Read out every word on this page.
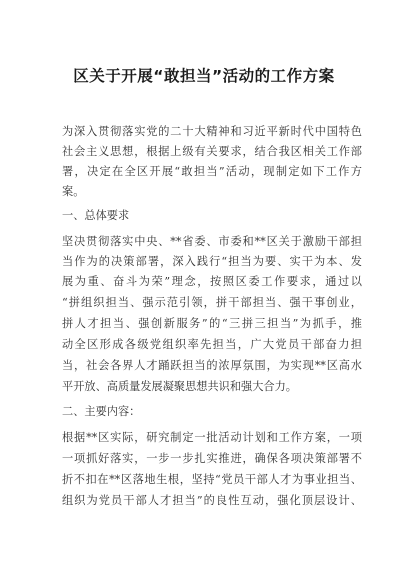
区关于开展“敢担当”活动的工作方案
为深入贯彻落实党的二十大精神和习近平新时代中国特色
社会主义思想，根据上级有关要求，结合我区相关工作部
署，决定在全区开展“敢担当”活动，现制定如下工作方
案。
一、总体要求
坚决贯彻落实中央、**省委、市委和**区关于激励干部担
当作为的决策部署，深入践行“担当为要、实干为本、发
展为重、奋斗为荣”理念，按照区委工作要求，通过以
“拼组织担当、强示范引领，拼干部担当、强干事创业，
拼人才担当、强创新服务”的“三拼三担当”为抓手，推
动全区形成各级党组织率先担当，广大党员干部奋力担
当，社会各界人才踊跃担当的浓厚氛围，为实现**区高水
平开放、高质量发展凝聚思想共识和强大合力。
二、主要内容：
根据**区实际，研究制定一批活动计划和工作方案，一项
一项抓好落实，一步一步扎实推进，确保各项决策部署不
折不扣在**区落地生根，坚持“党员干部人才为事业担当、
组织为党员干部人才担当”的良性互动，强化顶层设计、
